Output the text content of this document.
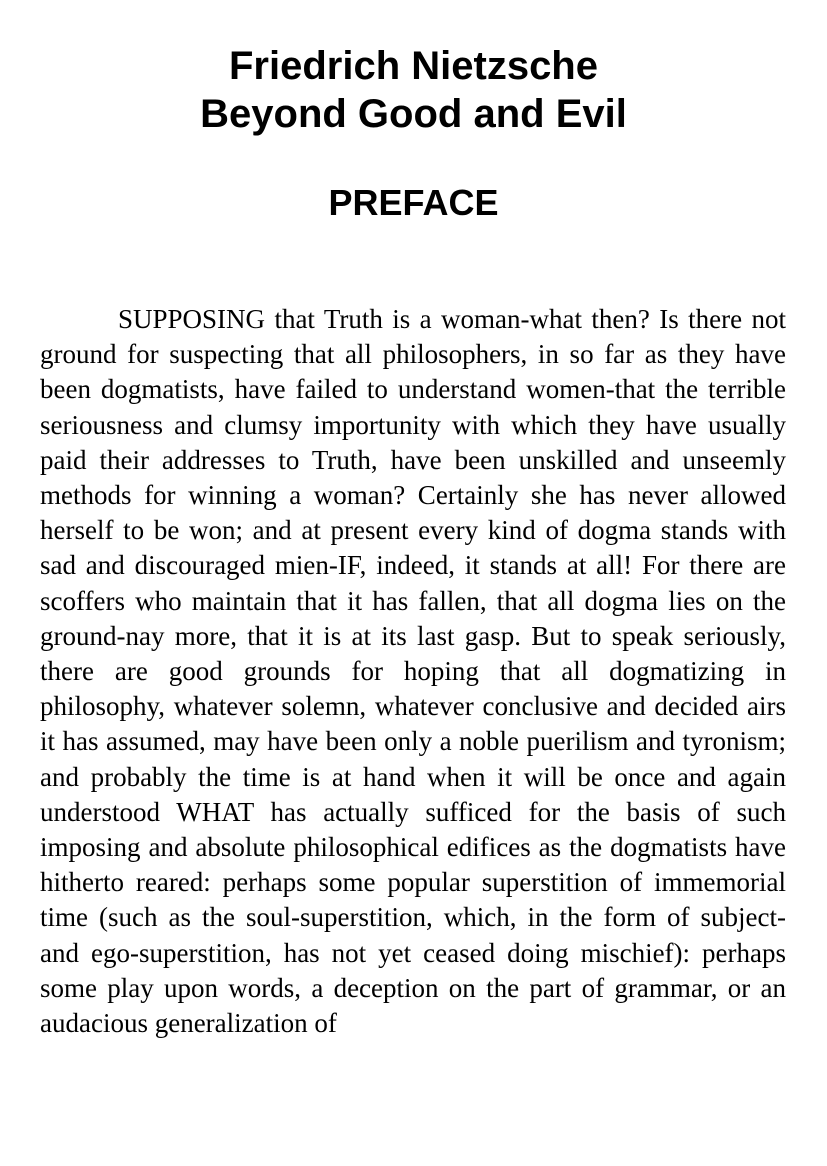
Friedrich Nietzsche
Beyond Good and Evil
PREFACE

SUPPOSING that Truth is a woman-what then? Is there not ground for suspecting that all philosophers, in so far as they have been dogmatists, have failed to understand women-that the terrible seriousness and clumsy importunity with which they have usually paid their addresses to Truth, have been unskilled and unseemly methods for winning a woman? Certainly she has never allowed herself to be won; and at present every kind of dogma stands with sad and discouraged mien-IF, indeed, it stands at all! For there are scoffers who maintain that it has fallen, that all dogma lies on the ground-nay more, that it is at its last gasp. But to speak seriously, there are good grounds for hoping that all dogmatizing in philosophy, whatever solemn, whatever conclusive and decided airs it has assumed, may have been only a noble puerilism and tyronism; and probably the time is at hand when it will be once and again understood WHAT has actually sufficed for the basis of such imposing and absolute philosophical edifices as the dogmatists have hitherto reared: perhaps some popular superstition of immemorial time (such as the soul-superstition, which, in the form of subject- and ego-superstition, has not yet ceased doing mischief): perhaps some play upon words, a deception on the part of grammar, or an audacious generalization of
